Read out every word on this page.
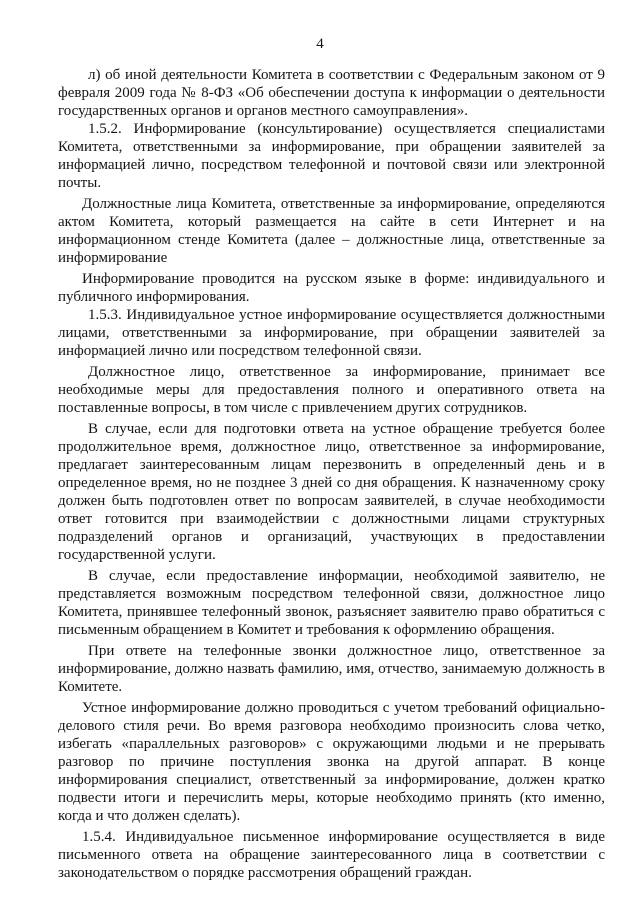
4

л) об иной деятельности Комитета в соответствии с Федеральным законом от 9 февраля 2009 года № 8-ФЗ «Об обеспечении доступа к информации о деятельности государственных органов и органов местного самоуправления».

1.5.2. Информирование (консультирование) осуществляется специалистами Комитета, ответственными за информирование, при обращении заявителей за информацией лично, посредством телефонной и почтовой связи или электронной почты.

Должностные лица Комитета, ответственные за информирование, определяются актом Комитета, который размещается на сайте в сети Интернет и на информационном стенде Комитета (далее – должностные лица, ответственные за информирование

Информирование проводится на русском языке в форме: индивидуального и публичного информирования.

1.5.3. Индивидуальное устное информирование осуществляется должностными лицами, ответственными за информирование, при обращении заявителей за информацией лично или посредством телефонной связи.

Должностное лицо, ответственное за информирование, принимает все необходимые меры для предоставления полного и оперативного ответа на поставленные вопросы, в том числе с привлечением других сотрудников.

В случае, если для подготовки ответа на устное обращение требуется более продолжительное время, должностное лицо, ответственное за информирование, предлагает заинтересованным лицам перезвонить в определенный день и в определенное время, но не позднее 3 дней со дня обращения. К назначенному сроку должен быть подготовлен ответ по вопросам заявителей, в случае необходимости ответ готовится при взаимодействии с должностными лицами структурных подразделений органов и организаций, участвующих в предоставлении государственной услуги.

В случае, если предоставление информации, необходимой заявителю, не представляется возможным посредством телефонной связи, должностное лицо Комитета, принявшее телефонный звонок, разъясняет заявителю право обратиться с письменным обращением в Комитет и требования к оформлению обращения.

При ответе на телефонные звонки должностное лицо, ответственное за информирование, должно назвать фамилию, имя, отчество, занимаемую должность в Комитете.

Устное информирование должно проводиться с учетом требований официально-делового стиля речи. Во время разговора необходимо произносить слова четко, избегать «параллельных разговоров» с окружающими людьми и не прерывать разговор по причине поступления звонка на другой аппарат. В конце информирования специалист, ответственный за информирование, должен кратко подвести итоги и перечислить меры, которые необходимо принять (кто именно, когда и что должен сделать).

1.5.4. Индивидуальное письменное информирование осуществляется в виде письменного ответа на обращение заинтересованного лица в соответствии с законодательством о порядке рассмотрения обращений граждан.
